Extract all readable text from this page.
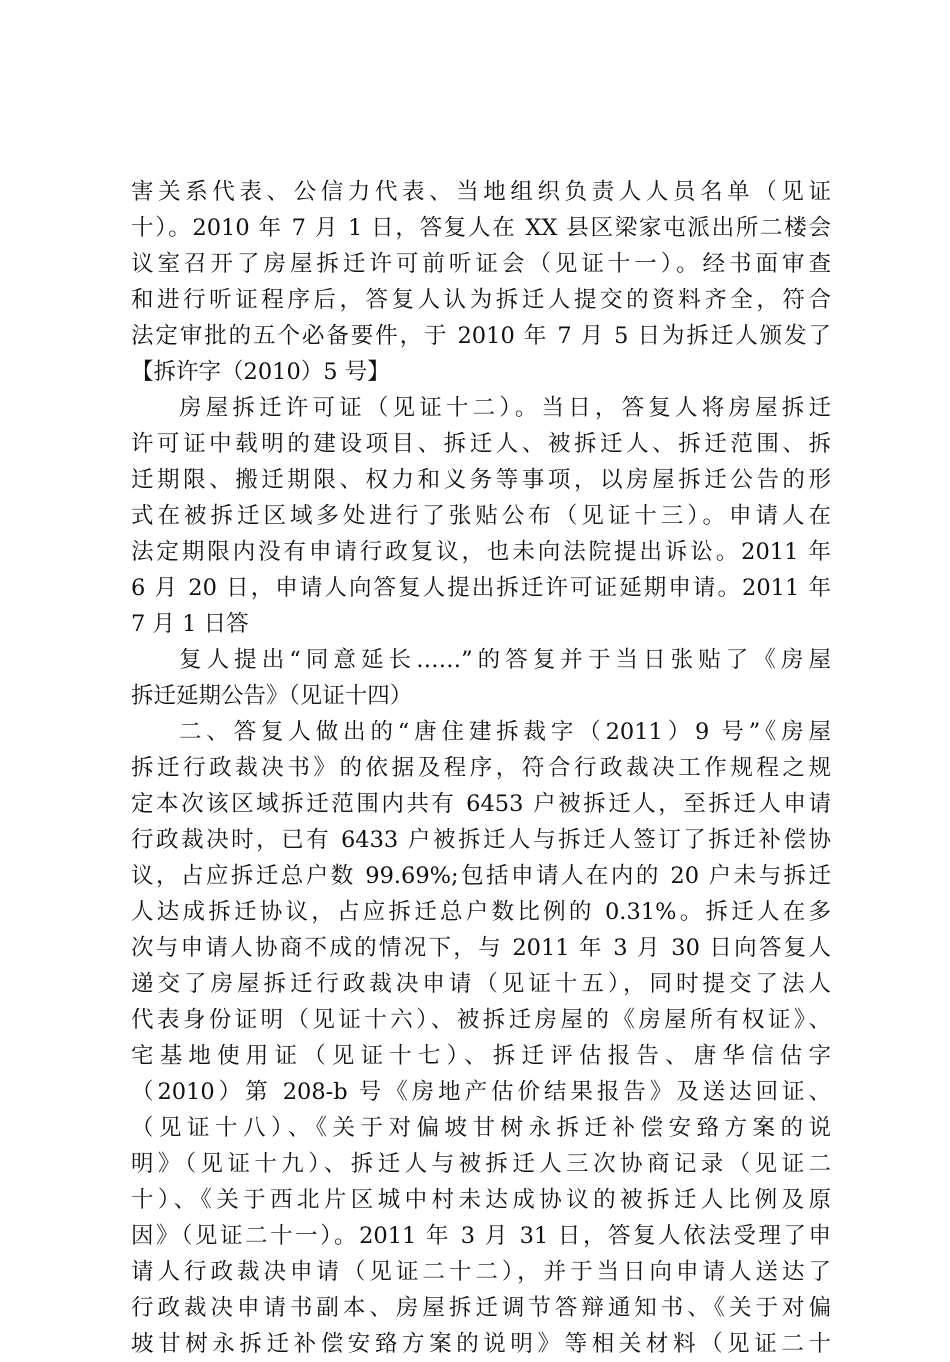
害关系代表、公信力代表、当地组织负责人人员名单（见证
十）。2010 年 7 月 1 日，答复人在 XX 县区梁家屯派出所二楼会
议室召开了房屋拆迁许可前听证会（见证十一）。经书面审查
和进行听证程序后，答复人认为拆迁人提交的资料齐全，符合
法定审批的五个必备要件，于 2010 年 7 月 5 日为拆迁人颁发了
【拆许字（2010）5 号】
房屋拆迁许可证（见证十二）。当日，答复人将房屋拆迁
许可证中载明的建设项目、拆迁人、被拆迁人、拆迁范围、拆
迁期限、搬迁期限、权力和义务等事项，以房屋拆迁公告的形
式在被拆迁区域多处进行了张贴公布（见证十三）。申请人在
法定期限内没有申请行政复议，也未向法院提出诉讼。2011 年
6 月 20 日，申请人向答复人提出拆迁许可证延期申请。2011 年
7 月 1 日答
复人提出“同意延长……”的答复并于当日张贴了《房屋
拆迁延期公告》（见证十四）
二、答复人做出的“唐住建拆裁字（2011）9 号”《房屋
拆迁行政裁决书》的依据及程序，符合行政裁决工作规程之规
定本次该区域拆迁范围内共有 6453 户被拆迁人，至拆迁人申请
行政裁决时，已有 6433 户被拆迁人与拆迁人签订了拆迁补偿协
议，占应拆迁总户数 99.69%;包括申请人在内的 20 户未与拆迁
人达成拆迁协议，占应拆迁总户数比例的 0.31%。拆迁人在多
次与申请人协商不成的情况下，与 2011 年 3 月 30 日向答复人
递交了房屋拆迁行政裁决申请（见证十五），同时提交了法人
代表身份证明（见证十六）、被拆迁房屋的《房屋所有权证》、
宅基地使用证（见证十七）、拆迁评估报告、唐华信估字
（2010）第 208-b 号《房地产估价结果报告》及送达回证、
（见证十八）、《关于对偏坡甘树永拆迁补偿安臵方案的说
明》（见证十九）、拆迁人与被拆迁人三次协商记录（见证二
十）、《关于西北片区城中村未达成协议的被拆迁人比例及原
因》（见证二十一）。2011 年 3 月 31 日，答复人依法受理了申
请人行政裁决申请（见证二十二），并于当日向申请人送达了
行政裁决申请书副本、房屋拆迁调节答辩通知书、《关于对偏
坡甘树永拆迁补偿安臵方案的说明》等相关材料（见证二十
